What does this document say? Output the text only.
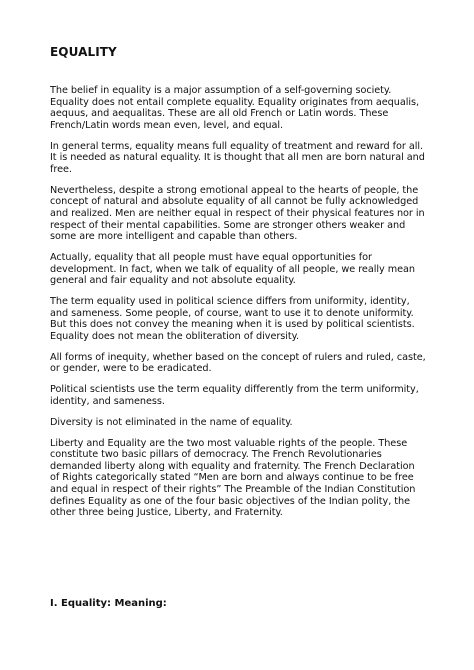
EQUALITY

The belief in equality is a major assumption of a self-governing society. Equality does not entail complete equality. Equality originates from aequalis, aequus, and aequalitas. These are all old French or Latin words. These French/Latin words mean even, level, and equal.

In general terms, equality means full equality of treatment and reward for all. It is needed as natural equality. It is thought that all men are born natural and free.

Nevertheless, despite a strong emotional appeal to the hearts of people, the concept of natural and absolute equality of all cannot be fully acknowledged and realized. Men are neither equal in respect of their physical features nor in respect of their mental capabilities. Some are stronger others weaker and some are more intelligent and capable than others.

Actually, equality that all people must have equal opportunities for development. In fact, when we talk of equality of all people, we really mean general and fair equality and not absolute equality.

The term equality used in political science differs from uniformity, identity, and sameness. Some people, of course, want to use it to denote uniformity. But this does not convey the meaning when it is used by political scientists. Equality does not mean the obliteration of diversity.

All forms of inequity, whether based on the concept of rulers and ruled, caste, or gender, were to be eradicated.

Political scientists use the term equality differently from the term uniformity, identity, and sameness.

Diversity is not eliminated in the name of equality.

Liberty and Equality are the two most valuable rights of the people. These constitute two basic pillars of democracy. The French Revolutionaries demanded liberty along with equality and fraternity. The French Declaration of Rights categorically stated “Men are born and always continue to be free and equal in respect of their rights” The Preamble of the Indian Constitution defines Equality as one of the four basic objectives of the Indian polity, the other three being Justice, Liberty, and Fraternity.

I. Equality: Meaning:
